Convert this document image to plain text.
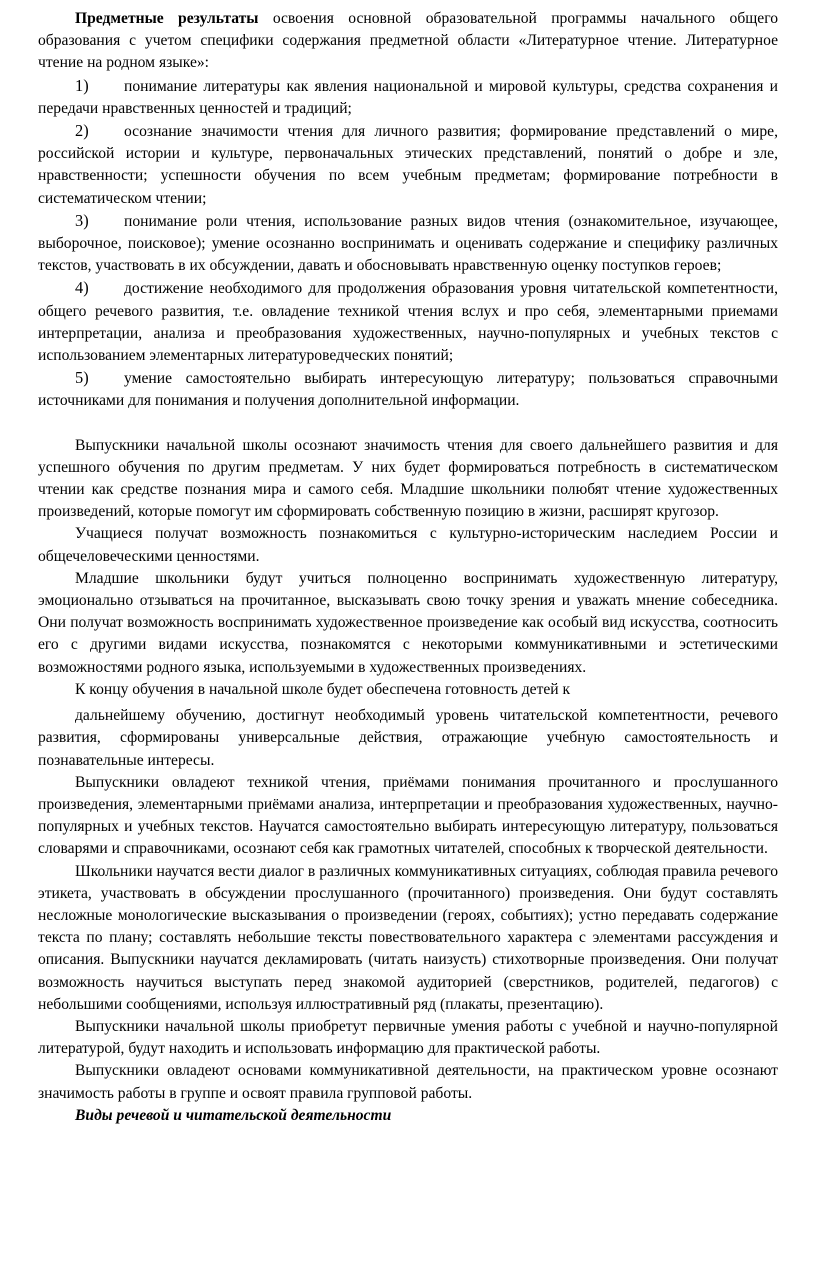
Предметные результаты освоения основной образовательной программы начального общего образования с учетом специфики содержания предметной области «Литературное чтение. Литературное чтение на родном языке»:

1) понимание литературы как явления национальной и мировой культуры, средства сохранения и передачи нравственных ценностей и традиций;

2) осознание значимости чтения для личного развития; формирование представлений о мире, российской истории и культуре, первоначальных этических представлений, понятий о добре и зле, нравственности; успешности обучения по всем учебным предметам; формирование потребности в систематическом чтении;

3) понимание роли чтения, использование разных видов чтения (ознакомительное, изучающее, выборочное, поисковое); умение осознанно воспринимать и оценивать содержание и специфику различных текстов, участвовать в их обсуждении, давать и обосновывать нравственную оценку поступков героев;

4) достижение необходимого для продолжения образования уровня читательской компетентности, общего речевого развития, т.е. овладение техникой чтения вслух и про себя, элементарными приемами интерпретации, анализа и преобразования художественных, научно-популярных и учебных текстов с использованием элементарных литературоведческих понятий;

5) умение самостоятельно выбирать интересующую литературу; пользоваться справочными источниками для понимания и получения дополнительной информации.

Выпускники начальной школы осознают значимость чтения для своего дальнейшего развития и для успешного обучения по другим предметам. У них будет формироваться потребность в систематическом чтении как средстве познания мира и самого себя. Младшие школьники полюбят чтение художественных произведений, которые помогут им сформировать собственную позицию в жизни, расширят кругозор.

Учащиеся получат возможность познакомиться с культурно-историческим наследием России и общечеловеческими ценностями.

Младшие школьники будут учиться полноценно воспринимать художественную литературу, эмоционально отзываться на прочитанное, высказывать свою точку зрения и уважать мнение собеседника. Они получат возможность воспринимать художественное произведение как особый вид искусства, соотносить его с другими видами искусства, познакомятся с некоторыми коммуникативными и эстетическими возможностями родного языка, используемыми в художественных произведениях.

К концу обучения в начальной школе будет обеспечена готовность детей к

дальнейшему обучению, достигнут необходимый уровень читательской компетентности, речевого развития, сформированы универсальные действия, отражающие учебную самостоятельность и познавательные интересы.

Выпускники овладеют техникой чтения, приёмами понимания прочитанного и прослушанного произведения, элементарными приёмами анализа, интерпретации и преобразования художественных, научно-популярных и учебных текстов. Научатся самостоятельно выбирать интересующую литературу, пользоваться словарями и справочниками, осознают себя как грамотных читателей, способных к творческой деятельности.

Школьники научатся вести диалог в различных коммуникативных ситуациях, соблюдая правила речевого этикета, участвовать в обсуждении прослушанного (прочитанного) произведения. Они будут составлять несложные монологические высказывания о произведении (героях, событиях); устно передавать содержание текста по плану; составлять небольшие тексты повествовательного характера с элементами рассуждения и описания. Выпускники научатся декламировать (читать наизусть) стихотворные произведения. Они получат возможность научиться выступать перед знакомой аудиторией (сверстников, родителей, педагогов) с небольшими сообщениями, используя иллюстративный ряд (плакаты, презентацию).

Выпускники начальной школы приобретут первичные умения работы с учебной и научно-популярной литературой, будут находить и использовать информацию для практической работы.

Выпускники овладеют основами коммуникативной деятельности, на практическом уровне осознают значимость работы в группе и освоят правила групповой работы.

Виды речевой и читательской деятельности
